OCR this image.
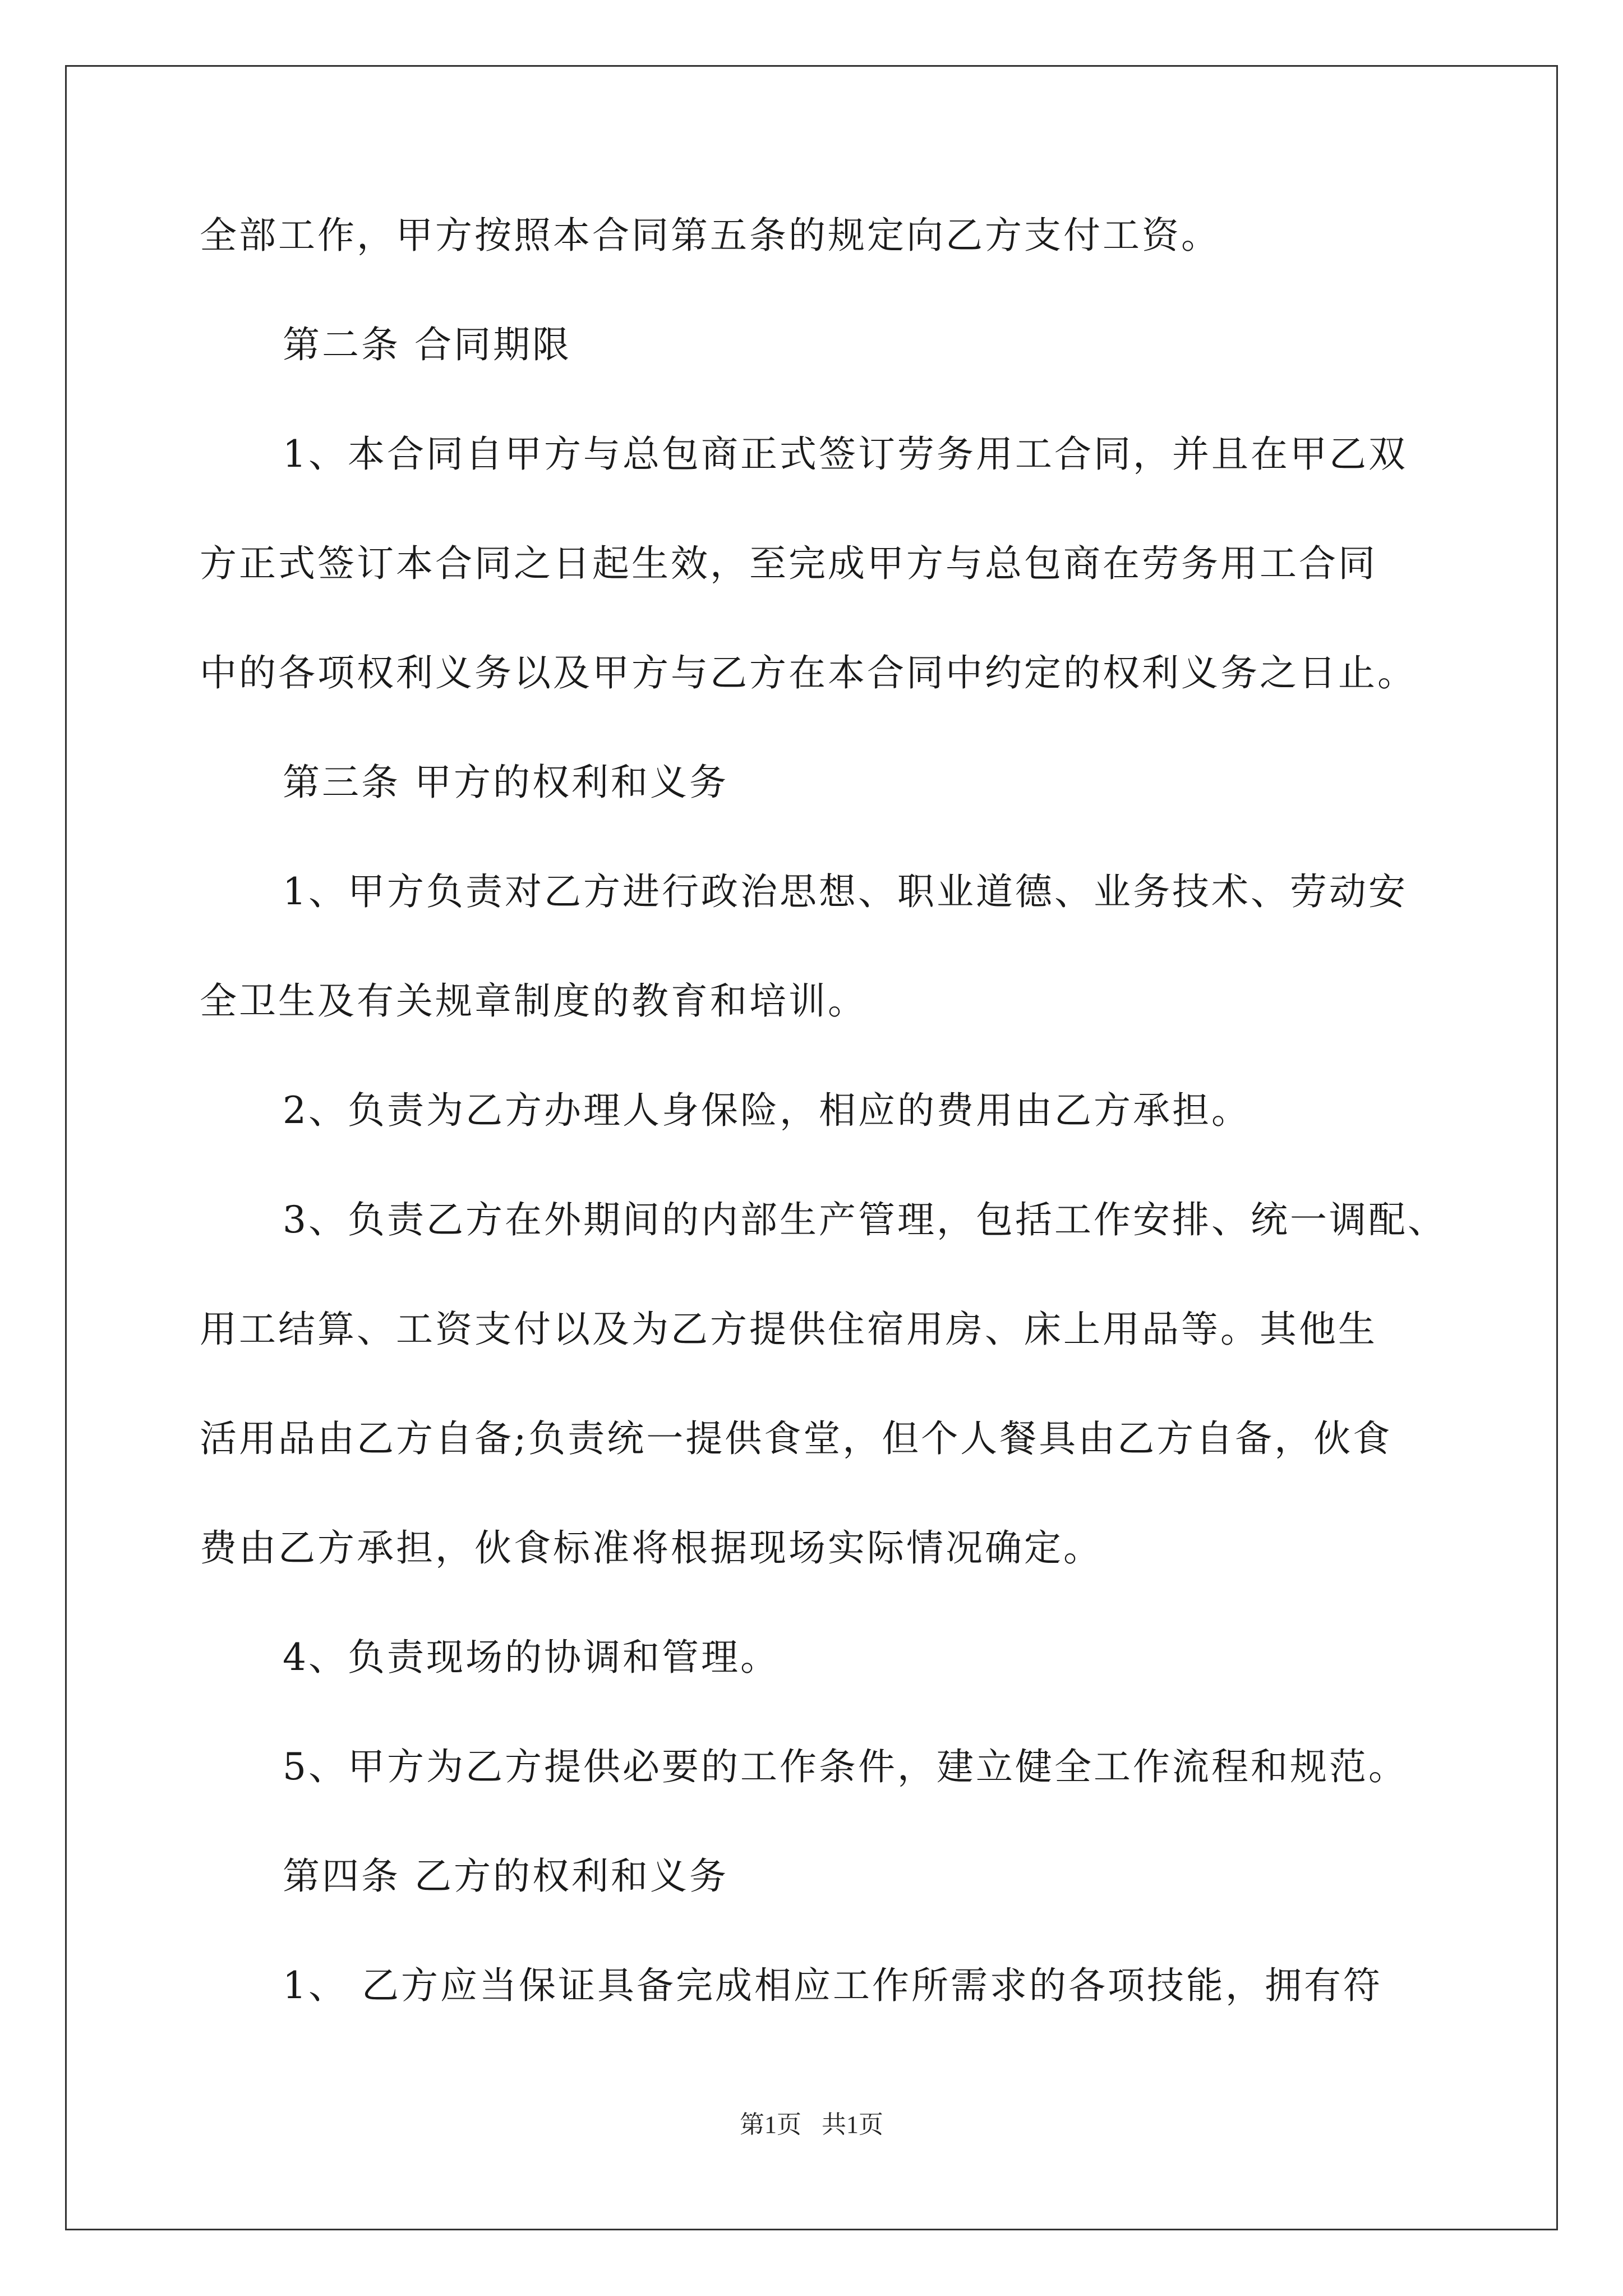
全部工作，甲方按照本合同第五条的规定向乙方支付工资。
第二条 合同期限
1、本合同自甲方与总包商正式签订劳务用工合同，并且在甲乙双
方正式签订本合同之日起生效，至完成甲方与总包商在劳务用工合同
中的各项权利义务以及甲方与乙方在本合同中约定的权利义务之日止。
第三条 甲方的权利和义务
1、甲方负责对乙方进行政治思想、职业道德、业务技术、劳动安
全卫生及有关规章制度的教育和培训。
2、负责为乙方办理人身保险，相应的费用由乙方承担。
3、负责乙方在外期间的内部生产管理，包括工作安排、统一调配、
用工结算、工资支付以及为乙方提供住宿用房、床上用品等。其他生
活用品由乙方自备;负责统一提供食堂，但个人餐具由乙方自备，伙食
费由乙方承担，伙食标准将根据现场实际情况确定。
4、负责现场的协调和管理。
5、甲方为乙方提供必要的工作条件，建立健全工作流程和规范。
第四条 乙方的权利和义务
1、 乙方应当保证具备完成相应工作所需求的各项技能，拥有符
第1页 共1页
